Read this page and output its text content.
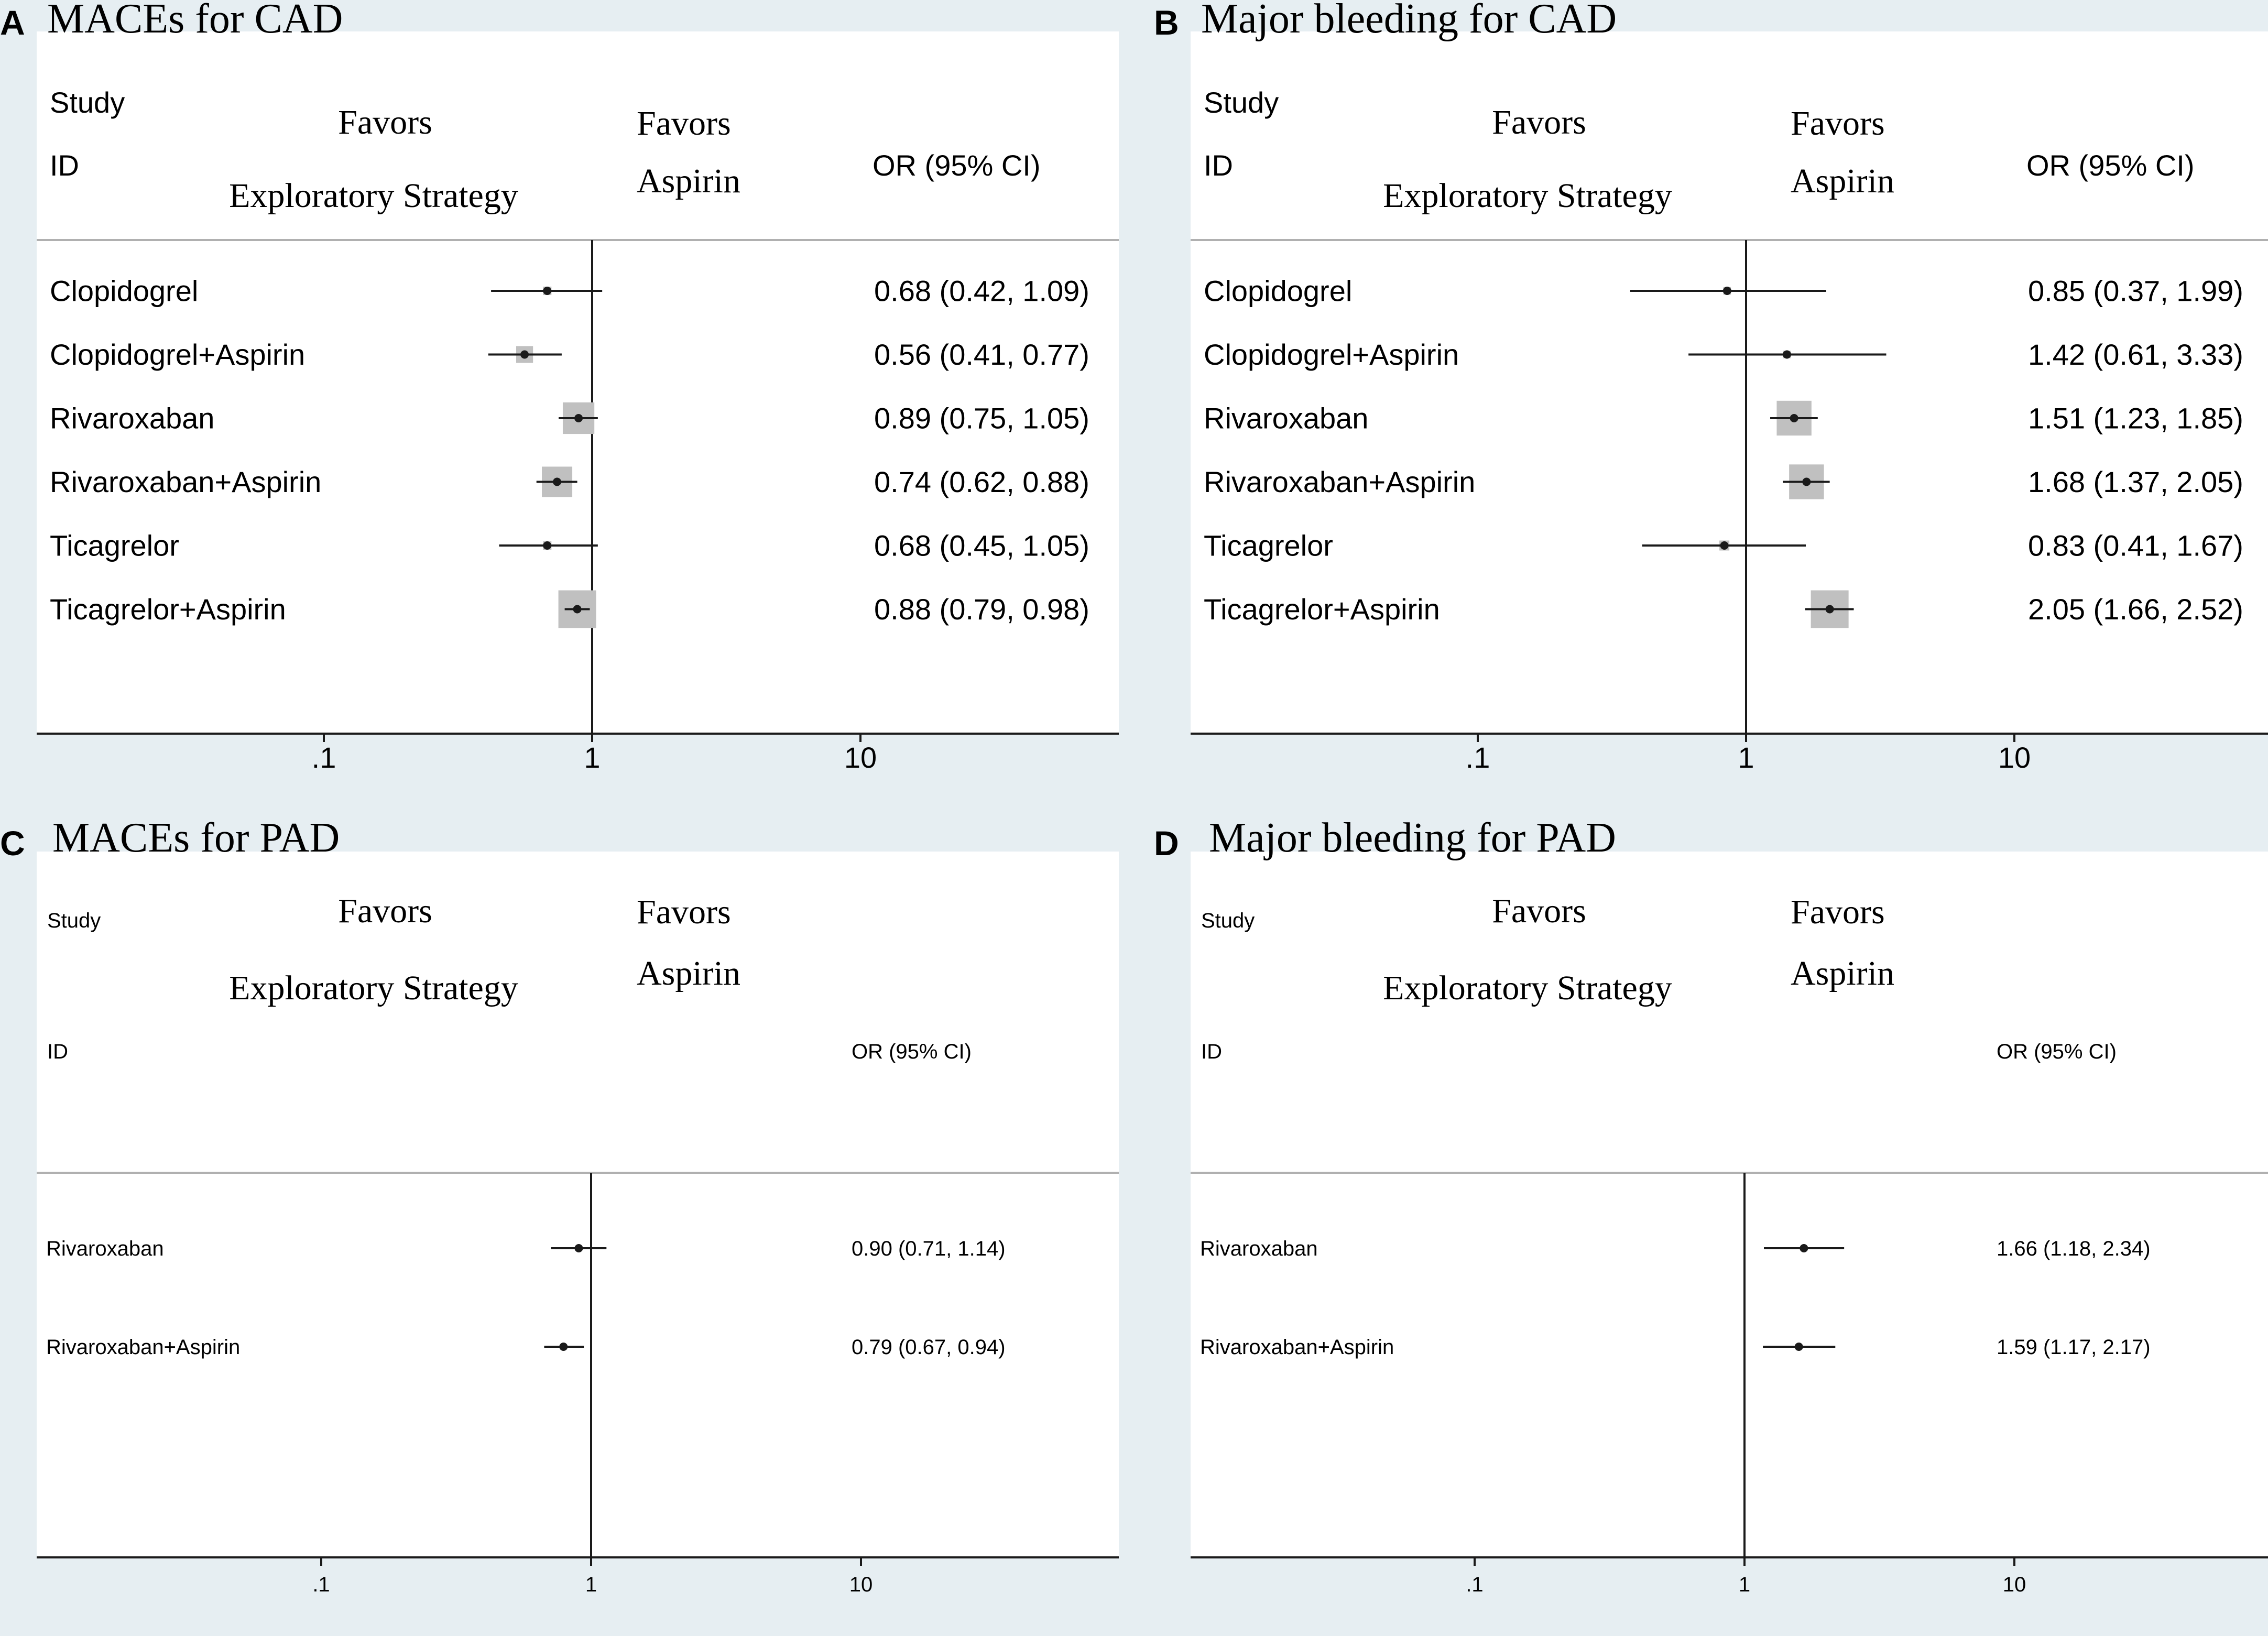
A MACEs for CAD
Study
ID	OR (95% CI)
Favors
Exploratory Strategy
Favors
Aspirin
.1	1	10
Clopidogrel	0.68 (0.42, 1.09)
Clopidogrel+Aspirin	0.56 (0.41, 0.77)
Rivaroxaban	0.89 (0.75, 1.05)
Rivaroxaban+Aspirin	0.74 (0.62, 0.88)
Ticagrelor	0.68 (0.45, 1.05)
Ticagrelor+Aspirin	0.88 (0.79, 0.98)
B Major bleeding for CAD
Study
ID	OR (95% CI)
Favors
Exploratory Strategy
Favors
Aspirin
.1	1	10
Clopidogrel	0.85 (0.37, 1.99)
Clopidogrel+Aspirin	1.42 (0.61, 3.33)
Rivaroxaban	1.51 (1.23, 1.85)
Rivaroxaban+Aspirin	1.68 (1.37, 2.05)
Ticagrelor	0.83 (0.41, 1.67)
Ticagrelor+Aspirin	2.05 (1.66, 2.52)
C MACEs for PAD
Study
ID	OR (95% CI)
Favors
Exploratory Strategy
Favors
Aspirin
.1	1	10
Rivaroxaban	0.90 (0.71, 1.14)
Rivaroxaban+Aspirin	0.79 (0.67, 0.94)
D Major bleeding for PAD
Study
ID	OR (95% CI)
Favors
Exploratory Strategy
Favors
Aspirin
.1	1	10
Rivaroxaban	1.66 (1.18, 2.34)
Rivaroxaban+Aspirin	1.59 (1.17, 2.17)
